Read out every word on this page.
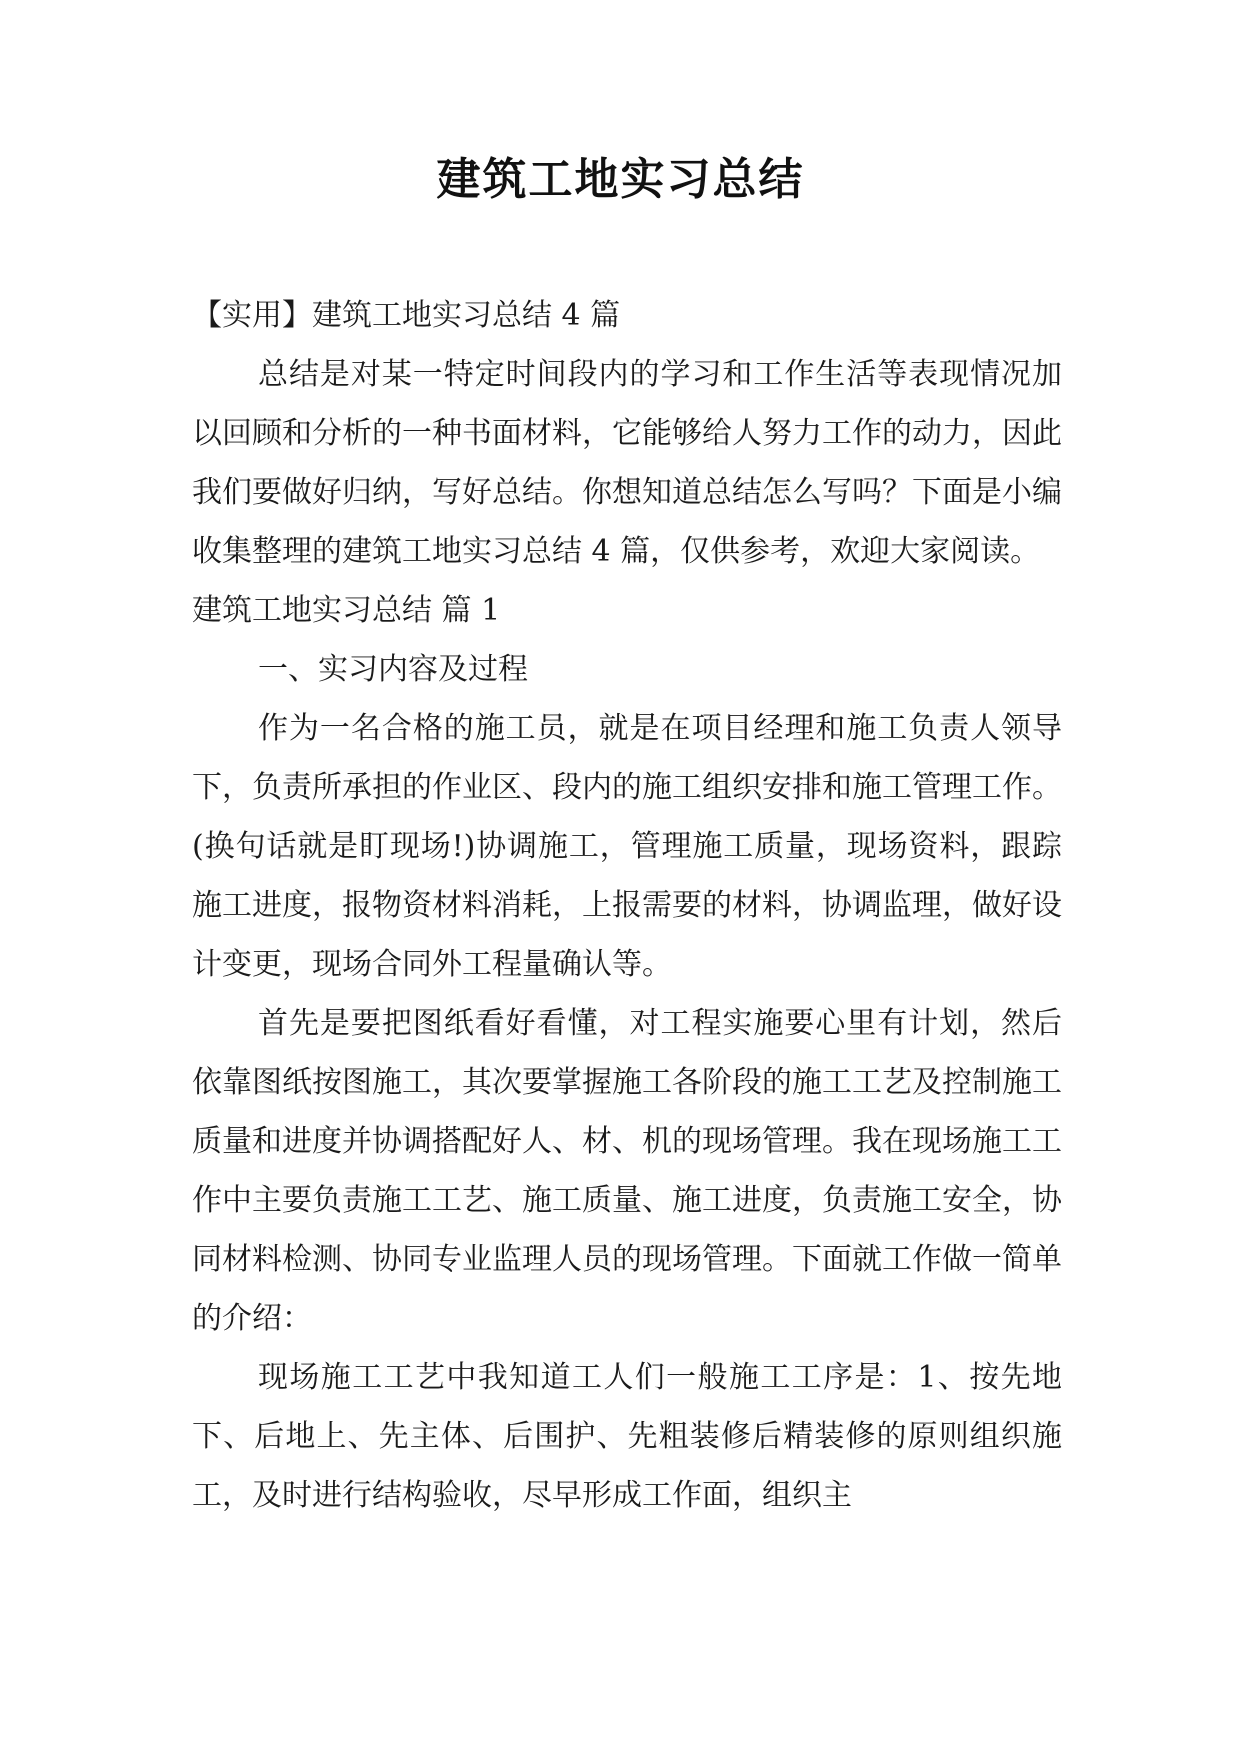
建筑工地实习总结

【实用】建筑工地实习总结 4 篇

总结是对某一特定时间段内的学习和工作生活等表现情况加以回顾和分析的一种书面材料，它能够给人努力工作的动力，因此我们要做好归纳，写好总结。你想知道总结怎么写吗？下面是小编收集整理的建筑工地实习总结 4 篇，仅供参考，欢迎大家阅读。

建筑工地实习总结 篇 1

一、实习内容及过程

作为一名合格的施工员，就是在项目经理和施工负责人领导下，负责所承担的作业区、段内的施工组织安排和施工管理工作。(换句话就是盯现场!)协调施工，管理施工质量，现场资料，跟踪施工进度，报物资材料消耗，上报需要的材料，协调监理，做好设计变更，现场合同外工程量确认等。

首先是要把图纸看好看懂，对工程实施要心里有计划，然后依靠图纸按图施工，其次要掌握施工各阶段的施工工艺及控制施工质量和进度并协调搭配好人、材、机的现场管理。我在现场施工工作中主要负责施工工艺、施工质量、施工进度，负责施工安全，协同材料检测、协同专业监理人员的现场管理。下面就工作做一简单的介绍：

现场施工工艺中我知道工人们一般施工工序是：1、按先地下、后地上、先主体、后围护、先粗装修后精装修的原则组织施工，及时进行结构验收，尽早形成工作面，组织主
